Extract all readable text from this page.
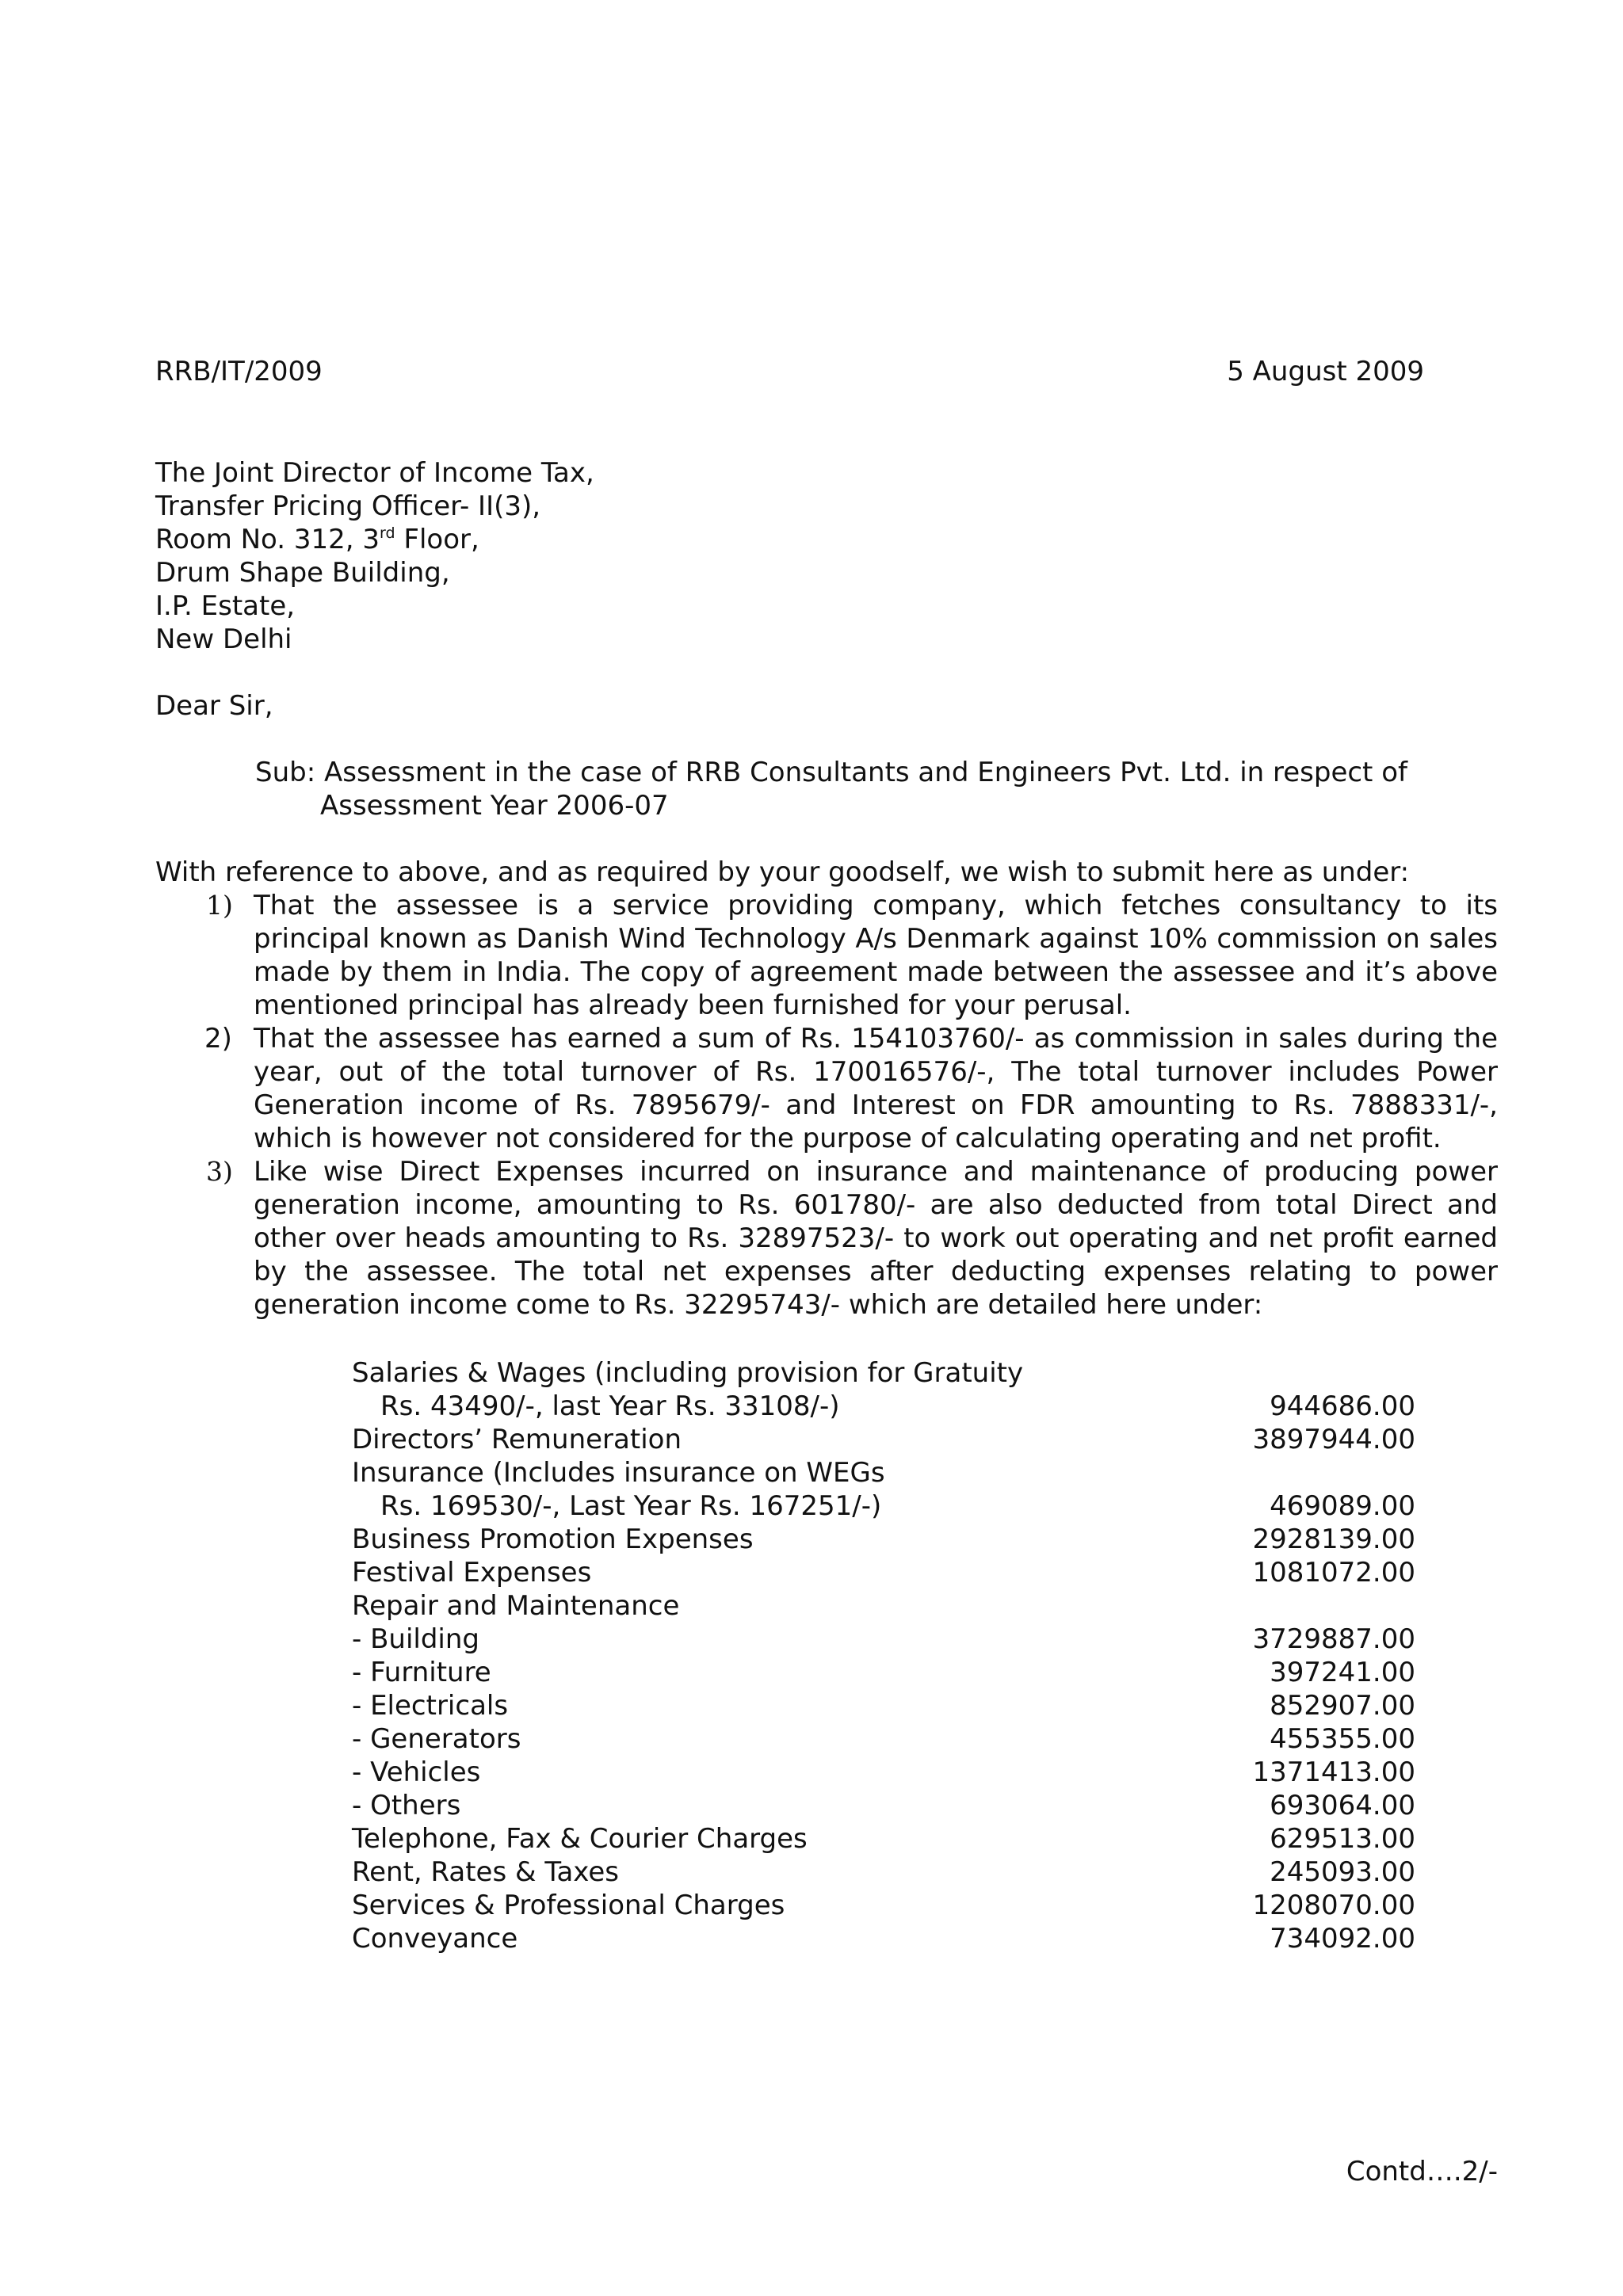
RRB/IT/2009	5 August 2009
The Joint Director of Income Tax,
Transfer Pricing Officer- II(3),
Room No. 312, 3rd Floor,
Drum Shape Building,
I.P. Estate,
New Delhi
Dear Sir,
Sub: Assessment in the case of RRB Consultants and Engineers Pvt. Ltd. in respect of
Assessment Year 2006-07
With reference to above, and as required by your goodself, we wish to submit here as under:
1) That the assessee is a service providing company, which fetches consultancy to its principal known as Danish Wind Technology A/s Denmark against 10% commission on sales made by them in India. The copy of agreement made between the assessee and it’s above mentioned principal has already been furnished for your perusal.
2) That the assessee has earned a sum of Rs. 154103760/- as commission in sales during the year, out of the total turnover of Rs. 170016576/-, The total turnover includes Power Generation income of Rs. 7895679/- and Interest on FDR amounting to Rs. 7888331/-, which is however not considered for the purpose of calculating operating and net profit.
3) Like wise Direct Expenses incurred on insurance and maintenance of producing power generation income, amounting to Rs. 601780/- are also deducted from total Direct and other over heads amounting to Rs. 32897523/- to work out operating and net profit earned by the assessee. The total net expenses after deducting expenses relating to power generation income come to Rs. 32295743/- which are detailed here under:
Salaries & Wages (including provision for Gratuity
Rs. 43490/-, last Year Rs. 33108/-)	944686.00
Directors’ Remuneration	3897944.00
Insurance (Includes insurance on WEGs
Rs. 169530/-, Last Year Rs. 167251/-)	469089.00
Business Promotion Expenses	2928139.00
Festival Expenses	1081072.00
Repair and Maintenance
- Building	3729887.00
- Furniture	397241.00
- Electricals	852907.00
- Generators	455355.00
- Vehicles	1371413.00
- Others	693064.00
Telephone, Fax & Courier Charges	629513.00
Rent, Rates & Taxes	245093.00
Services & Professional Charges	1208070.00
Conveyance	734092.00
Contd….2/-
